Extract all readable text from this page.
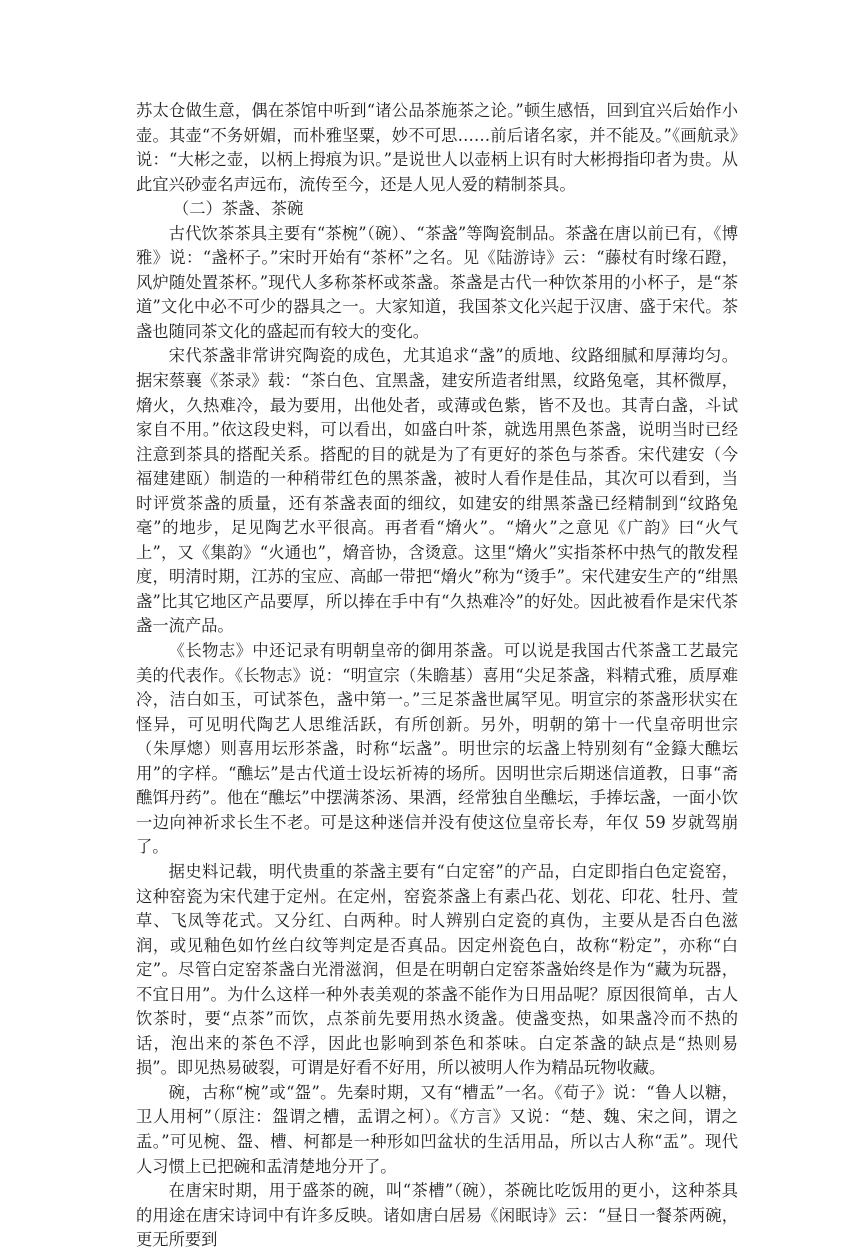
苏太仓做生意，偶在茶馆中听到“诸公品茶施茶之论。”顿生感悟，回到宜兴后始作小壶。其壶“不务妍媚，而朴雅坚粟，妙不可思……前后诸名家，并不能及。”《画航录》说：“大彬之壶，以柄上拇痕为识。”是说世人以壶柄上识有时大彬拇指印者为贵。从此宜兴砂壶名声远布，流传至今，还是人见人爱的精制茶具。

（二）茶盏、茶碗

古代饮茶茶具主要有“茶椀”（碗）、“茶盏”等陶瓷制品。茶盏在唐以前已有，《博雅》说：“盏杯子。”宋时开始有“茶杯”之名。见《陆游诗》云：“藤杖有时缘石蹬，风炉随处置茶杯。”现代人多称茶杯或茶盏。茶盏是古代一种饮茶用的小杯子，是“茶道”文化中必不可少的器具之一。大家知道，我国茶文化兴起于汉唐、盛于宋代。茶盏也随同茶文化的盛起而有较大的变化。

宋代茶盏非常讲究陶瓷的成色，尤其追求“盏”的质地、纹路细腻和厚薄均匀。据宋蔡襄《茶录》载：“茶白色、宜黑盏，建安所造者绀黑，纹路兔毫，其杯微厚，熁火，久热难冷，最为要用，出他处者，或薄或色紫，皆不及也。其青白盏，斗试家自不用。”依这段史料，可以看出，如盛白叶茶，就选用黑色茶盏，说明当时已经注意到茶具的搭配关系。搭配的目的就是为了有更好的茶色与茶香。宋代建安（今福建建瓯）制造的一种稍带红色的黑茶盏，被时人看作是佳品，其次可以看到，当时评赏茶盏的质量，还有茶盏表面的细纹，如建安的绀黑茶盏已经精制到“纹路兔毫”的地步，足见陶艺水平很高。再者看“熁火”。“熁火”之意见《广韵》曰“火气上”，又《集韵》“火通也”，熁音协，含烫意。这里“熁火”实指茶杯中热气的散发程度，明清时期，江苏的宝应、高邮一带把“熁火”称为“烫手”。宋代建安生产的“绀黑盏”比其它地区产品要厚，所以捧在手中有“久热难冷”的好处。因此被看作是宋代茶盏一流产品。

《长物志》中还记录有明朝皇帝的御用茶盏。可以说是我国古代茶盏工艺最完美的代表作。《长物志》说：“明宣宗（朱瞻基）喜用“尖足茶盏，料精式雅，质厚难冷，洁白如玉，可试茶色，盏中第一。”三足茶盏世属罕见。明宣宗的茶盏形状实在怪异，可见明代陶艺人思维活跃，有所创新。另外，明朝的第十一代皇帝明世宗（朱厚熜）则喜用坛形茶盏，时称“坛盏”。明世宗的坛盏上特别刻有“金籙大醮坛用”的字样。“醮坛”是古代道士设坛祈祷的场所。因明世宗后期迷信道教，日事“斋醮饵丹药”。他在“醮坛”中摆满茶汤、果酒，经常独自坐醮坛，手捧坛盏，一面小饮一边向神祈求长生不老。可是这种迷信并没有使这位皇帝长寿，年仅 59 岁就驾崩了。

据史料记载，明代贵重的茶盏主要有“白定窑”的产品，白定即指白色定瓷窑，这种窑瓷为宋代建于定州。在定州，窑瓷茶盏上有素凸花、划花、印花、牡丹、萱草、飞凤等花式。又分红、白两种。时人辨别白定瓷的真伪，主要从是否白色滋润，或见釉色如竹丝白纹等判定是否真品。因定州瓷色白，故称“粉定”，亦称“白定”。尽管白定窑茶盏白光滑滋润，但是在明朝白定窑茶盏始终是作为“藏为玩器，不宜日用”。为什么这样一种外表美观的茶盏不能作为日用品呢？原因很简单，古人饮茶时，要“点茶”而饮，点茶前先要用热水烫盏。使盏变热，如果盏冷而不热的话，泡出来的茶色不浮，因此也影响到茶色和茶味。白定茶盏的缺点是“热则易损”。即见热易破裂，可谓是好看不好用，所以被明人作为精品玩物收藏。

碗，古称“椀”或“盌”。先秦时期，又有“槽盂”一名。《荀子》说：“鲁人以糖，卫人用柯”（原注：盌谓之槽，盂谓之柯）。《方言》又说：“楚、魏、宋之间，谓之盂。”可见椀、盌、槽、柯都是一种形如凹盆状的生活用品，所以古人称“盂”。现代人习惯上已把碗和盂清楚地分开了。

在唐宋时期，用于盛茶的碗，叫“茶槽”（碗），茶碗比吃饭用的更小，这种茶具的用途在唐宋诗词中有许多反映。诸如唐白居易《闲眠诗》云：“昼日一餐茶两碗，更无所要到
